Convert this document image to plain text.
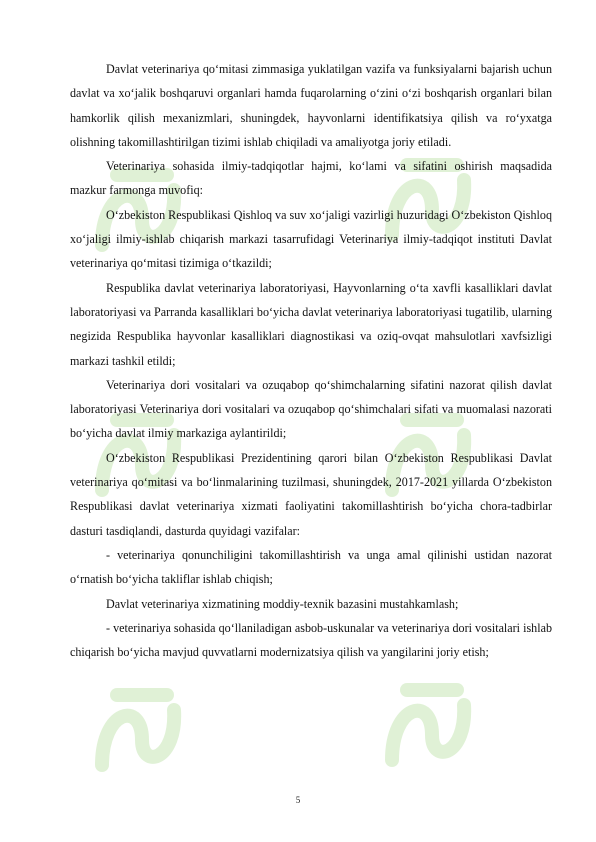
Davlat veterinariya qo‘mitasi zimmasiga yuklatilgan vazifa va funksiyalarni bajarish uchun davlat va xo‘jalik boshqaruvi organlari hamda fuqarolarning o‘zini o‘zi boshqarish organlari bilan hamkorlik qilish mexanizmlari, shuningdek, hayvonlarni identifikatsiya qilish va ro‘yxatga olishning takomillashtirilgan tizimi ishlab chiqiladi va amaliyotga joriy etiladi.

Veterinariya sohasida ilmiy-tadqiqotlar hajmi, ko‘lami va sifatini oshirish maqsadida mazkur farmonga muvofiq:

O‘zbekiston Respublikasi Qishloq va suv xo‘jaligi vazirligi huzuridagi O‘zbekiston Qishloq xo‘jaligi ilmiy-ishlab chiqarish markazi tasarrufidagi Veterinariya ilmiy-tadqiqot instituti Davlat veterinariya qo‘mitasi tizimiga o‘tkazildi;

Respublika davlat veterinariya laboratoriyasi, Hayvonlarning o‘ta xavfli kasalliklari davlat laboratoriyasi va Parranda kasalliklari bo‘yicha davlat veterinariya laboratoriyasi tugatilib, ularning negizida Respublika hayvonlar kasalliklari diagnostikasi va oziq-ovqat mahsulotlari xavfsizligi markazi tashkil etildi;

Veterinariya dori vositalari va ozuqabop qo‘shimchalarning sifatini nazorat qilish davlat laboratoriyasi Veterinariya dori vositalari va ozuqabop qo‘shimchalari sifati va muomalasi nazorati bo‘yicha davlat ilmiy markaziga aylantirildi;

O‘zbekiston Respublikasi Prezidentining qarori bilan O‘zbekiston Respublikasi Davlat veterinariya qo‘mitasi va bo‘linmalarining tuzilmasi, shuningdek, 2017-2021 yillarda O‘zbekiston Respublikasi davlat veterinariya xizmati faoliyatini takomillashtirish bo‘yicha chora-tadbirlar dasturi tasdiqlandi, dasturda quyidagi vazifalar:

- veterinariya qonunchiligini takomillashtirish va unga amal qilinishi ustidan nazorat o‘rnatish bo‘yicha takliflar ishlab chiqish;

Davlat veterinariya xizmatining moddiy-texnik bazasini mustahkamlash;

- veterinariya sohasida qo‘llaniladigan asbob-uskunalar va veterinariya dori vositalari ishlab chiqarish bo‘yicha mavjud quvvatlarni modernizatsiya qilish va yangilarini joriy etish;

5
